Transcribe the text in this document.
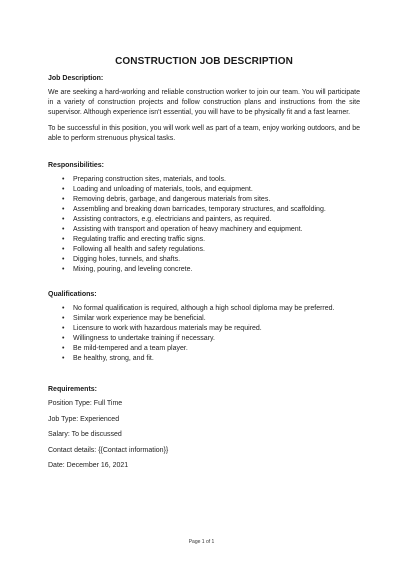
CONSTRUCTION JOB DESCRIPTION
Job Description:

We are seeking a hard-working and reliable construction worker to join our team. You will participate in a variety of construction projects and follow construction plans and instructions from the site supervisor. Although experience isn't essential, you will have to be physically fit and a fast learner.

To be successful in this position, you will work well as part of a team, enjoy working outdoors, and be able to perform strenuous physical tasks.

Responsibilities:
• Preparing construction sites, materials, and tools.
• Loading and unloading of materials, tools, and equipment.
• Removing debris, garbage, and dangerous materials from sites.
• Assembling and breaking down barricades, temporary structures, and scaffolding.
• Assisting contractors, e.g. electricians and painters, as required.
• Assisting with transport and operation of heavy machinery and equipment.
• Regulating traffic and erecting traffic signs.
• Following all health and safety regulations.
• Digging holes, tunnels, and shafts.
• Mixing, pouring, and leveling concrete.
Qualifications:
• No formal qualification is required, although a high school diploma may be preferred.
• Similar work experience may be beneficial.
• Licensure to work with hazardous materials may be required.
• Willingness to undertake training if necessary.
• Be mild-tempered and a team player.
• Be healthy, strong, and fit.
Requirements:
Position Type: Full Time
Job Type: Experienced
Salary: To be discussed
Contact details: {{Contact information}}
Date: December 16, 2021
Page 1 of 1
